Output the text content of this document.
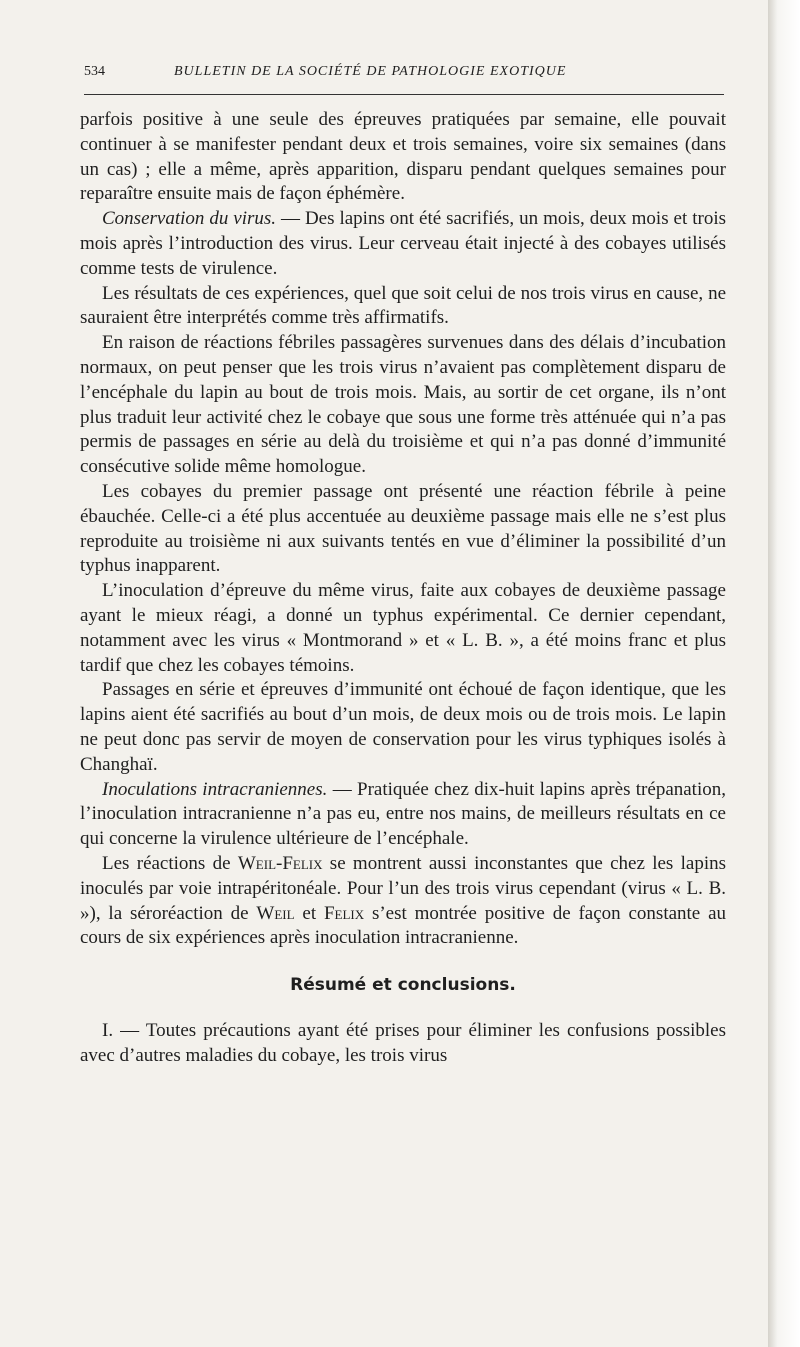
534	BULLETIN DE LA SOCIÉTÉ DE PATHOLOGIE EXOTIQUE

parfois positive à une seule des épreuves pratiquées par semaine, elle pouvait continuer à se manifester pendant deux et trois semaines, voire six semaines (dans un cas) ; elle a même, après apparition, disparu pendant quelques semaines pour reparaître ensuite mais de façon éphémère.

Conservation du virus. — Des lapins ont été sacrifiés, un mois, deux mois et trois mois après l’introduction des virus. Leur cerveau était injecté à des cobayes utilisés comme tests de virulence.

Les résultats de ces expériences, quel que soit celui de nos trois virus en cause, ne sauraient être interprétés comme très affirmatifs.

En raison de réactions fébriles passagères survenues dans des délais d’incubation normaux, on peut penser que les trois virus n’avaient pas complètement disparu de l’encéphale du lapin au bout de trois mois. Mais, au sortir de cet organe, ils n’ont plus traduit leur activité chez le cobaye que sous une forme très atténuée qui n’a pas permis de passages en série au delà du troisième et qui n’a pas donné d’immunité consécutive solide même homologue.

Les cobayes du premier passage ont présenté une réaction fébrile à peine ébauchée. Celle-ci a été plus accentuée au deuxième passage mais elle ne s’est plus reproduite au troisième ni aux suivants tentés en vue d’éliminer la possibilité d’un typhus inapparent.

L’inoculation d’épreuve du même virus, faite aux cobayes de deuxième passage ayant le mieux réagi, a donné un typhus expérimental. Ce dernier cependant, notamment avec les virus « Montmorand » et « L. B. », a été moins franc et plus tardif que chez les cobayes témoins.

Passages en série et épreuves d’immunité ont échoué de façon identique, que les lapins aient été sacrifiés au bout d’un mois, de deux mois ou de trois mois. Le lapin ne peut donc pas servir de moyen de conservation pour les virus typhiques isolés à Changhaï.

Inoculations intracraniennes. — Pratiquée chez dix-huit lapins après trépanation, l’inoculation intracranienne n’a pas eu, entre nos mains, de meilleurs résultats en ce qui concerne la virulence ultérieure de l’encéphale.

Les réactions de Weil-Felix se montrent aussi inconstantes que chez les lapins inoculés par voie intrapéritonéale. Pour l’un des trois virus cependant (virus « L. B. »), la séroréaction de Weil et Felix s’est montrée positive de façon constante au cours de six expériences après inoculation intracranienne.

Résumé et conclusions.

I. — Toutes précautions ayant été prises pour éliminer les confusions possibles avec d’autres maladies du cobaye, les trois virus
